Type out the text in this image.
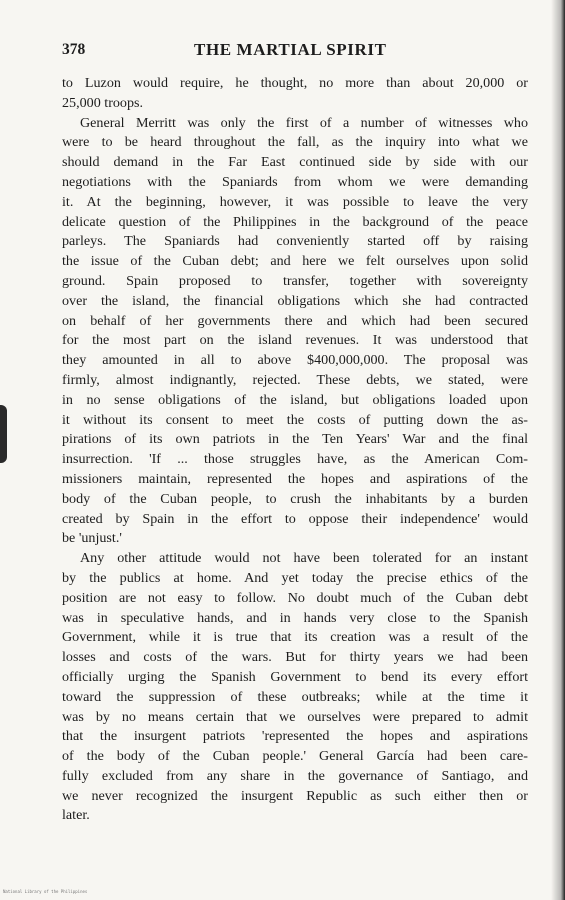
378	THE MARTIAL SPIRIT
to Luzon would require, he thought, no more than about 20,000 or
25,000 troops.
General Merritt was only the first of a number of witnesses who
were to be heard throughout the fall, as the inquiry into what we
should demand in the Far East continued side by side with our
negotiations with the Spaniards from whom we were demanding
it. At the beginning, however, it was possible to leave the very
delicate question of the Philippines in the background of the peace
parleys. The Spaniards had conveniently started off by raising
the issue of the Cuban debt; and here we felt ourselves upon solid
ground. Spain proposed to transfer, together with sovereignty
over the island, the financial obligations which she had contracted
on behalf of her governments there and which had been secured
for the most part on the island revenues. It was understood that
they amounted in all to above $400,000,000. The proposal was
firmly, almost indignantly, rejected. These debts, we stated, were
in no sense obligations of the island, but obligations loaded upon
it without its consent to meet the costs of putting down the as-
pirations of its own patriots in the Ten Years' War and the final
insurrection. 'If ... those struggles have, as the American Com-
missioners maintain, represented the hopes and aspirations of the
body of the Cuban people, to crush the inhabitants by a burden
created by Spain in the effort to oppose their independence' would
be 'unjust.'
Any other attitude would not have been tolerated for an instant
by the publics at home. And yet today the precise ethics of the
position are not easy to follow. No doubt much of the Cuban debt
was in speculative hands, and in hands very close to the Spanish
Government, while it is true that its creation was a result of the
losses and costs of the wars. But for thirty years we had been
officially urging the Spanish Government to bend its every effort
toward the suppression of these outbreaks; while at the time it
was by no means certain that we ourselves were prepared to admit
that the insurgent patriots 'represented the hopes and aspirations
of the body of the Cuban people.' General García had been care-
fully excluded from any share in the governance of Santiago, and
we never recognized the insurgent Republic as such either then or
later.
National Library of the Philippines
